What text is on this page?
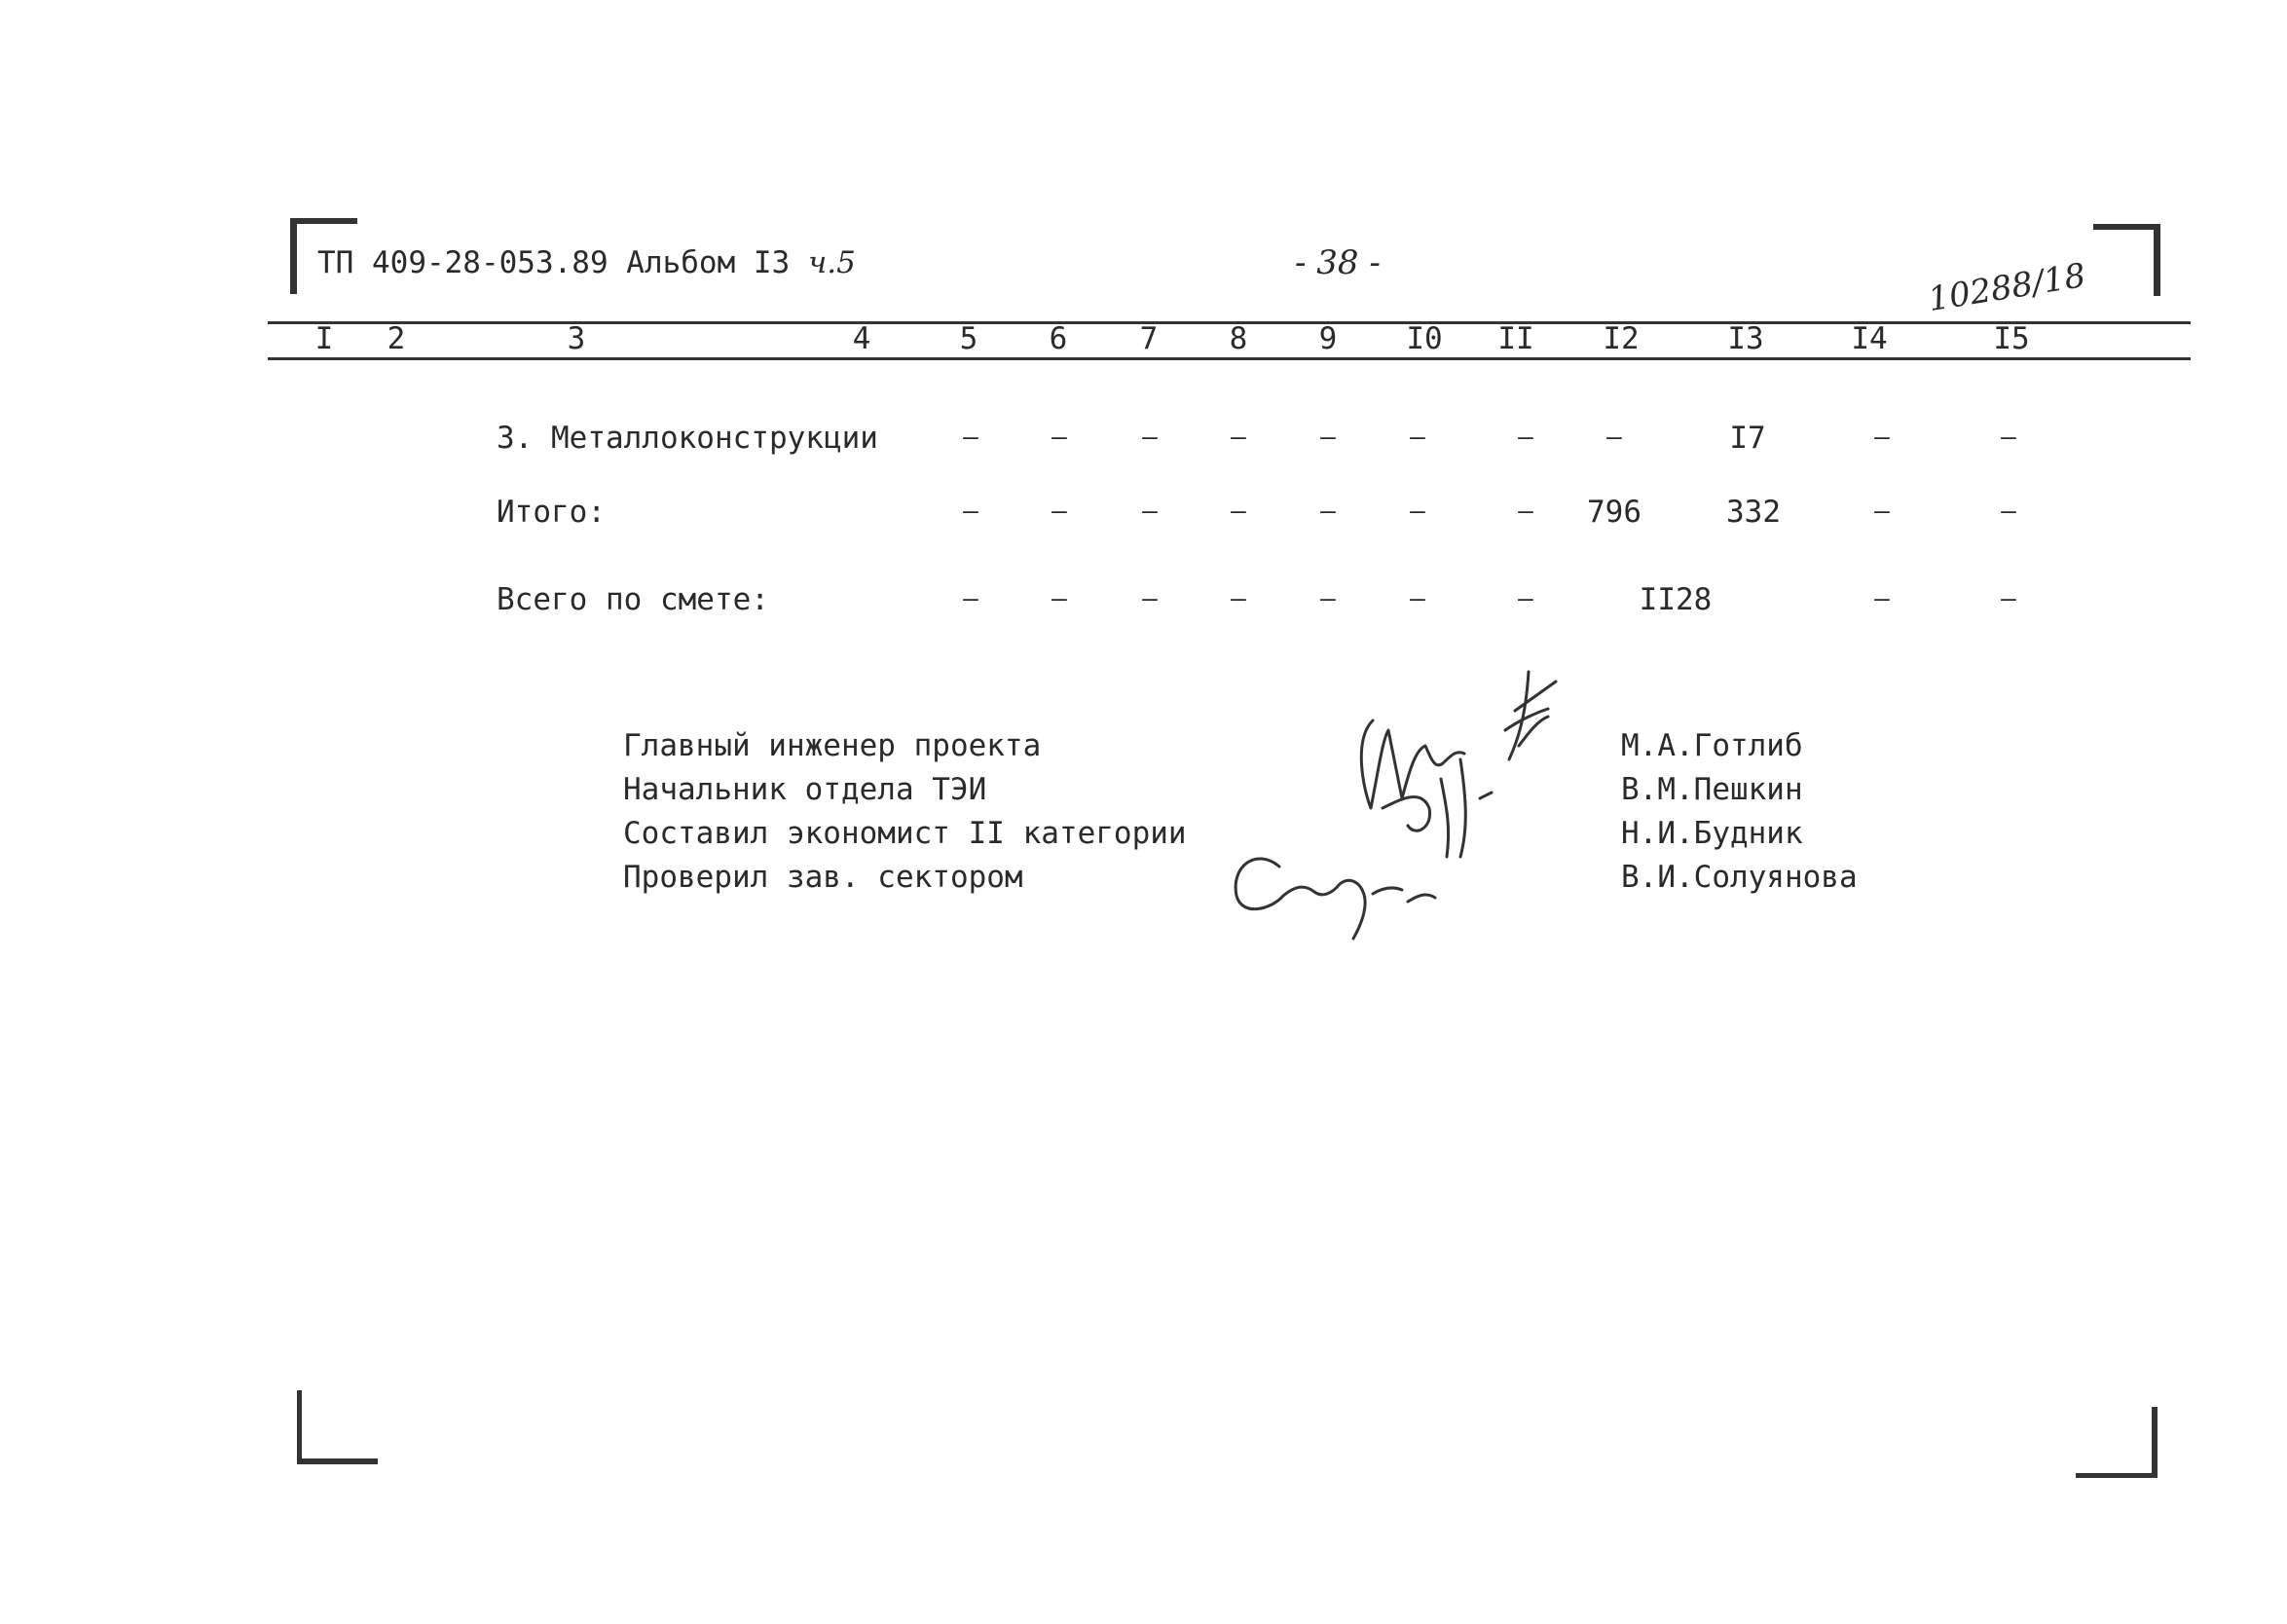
ТП 409-28-053.89 Альбом I3 ч.5	- 38 -	10288/18
I	2	3	4	5	6	7	8	9	I0	II	I2	I3	I4	I5
3. Металлоконструкции	–	–	–	–	–	–	–	–	I7	–	–
Итого:	–	–	–	–	–	–	–	796	332	–	–
Всего по смете:	–	–	–	–	–	–	–	II28	–	–
Главный инженер проекта
Начальник отдела ТЭИ
Составил экономист II категории
Проверил зав. сектором
М.А.Готлиб
В.М.Пешкин
Н.И.Будник
В.И.Солуянова
